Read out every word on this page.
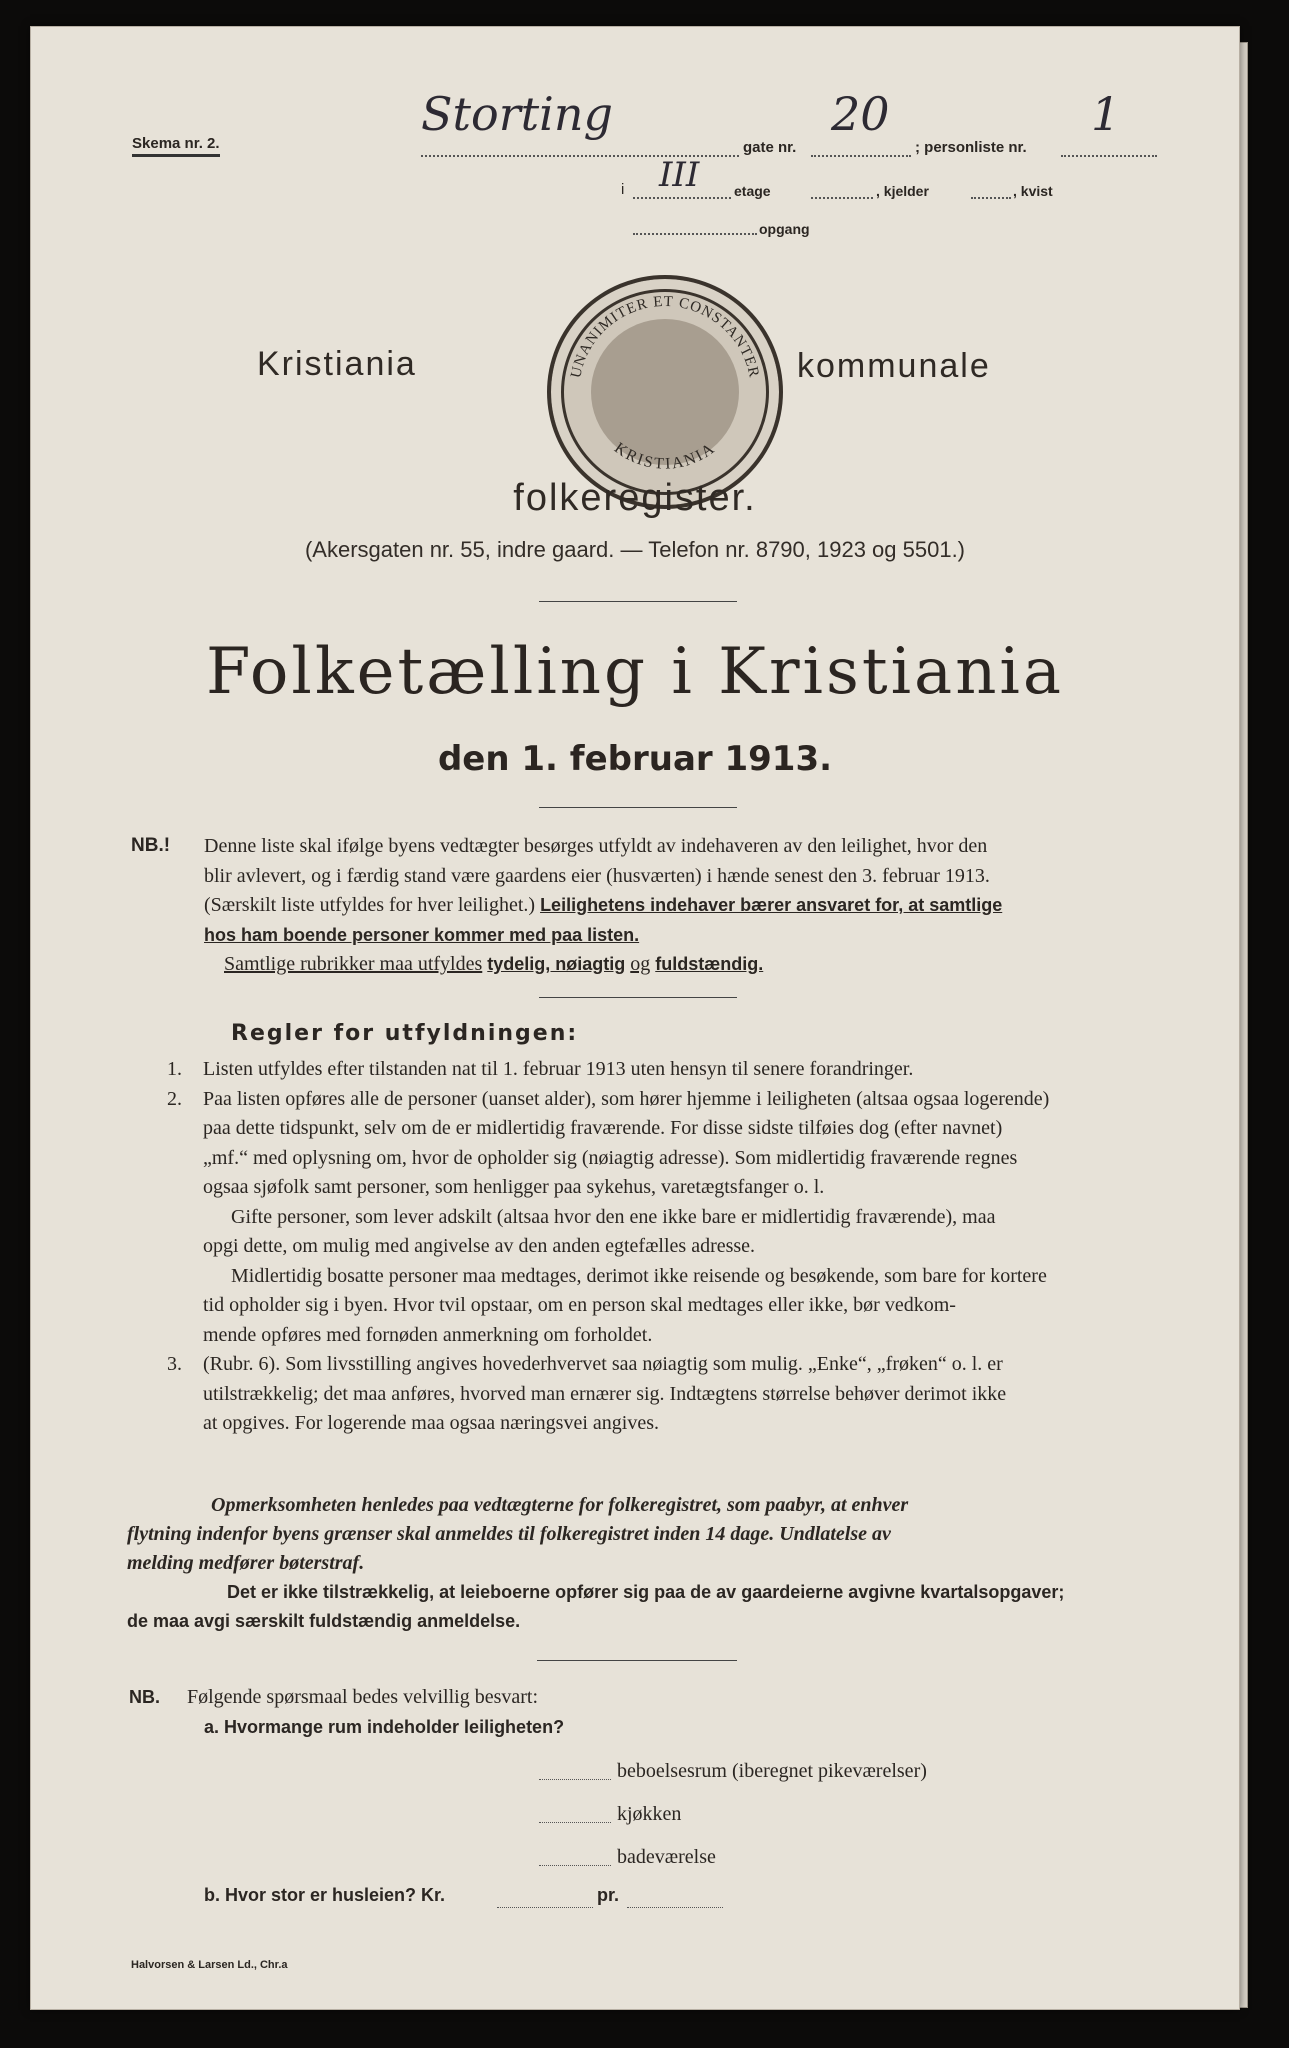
Skema nr. 2.
Storting
gate nr.
20
; personliste nr.
1
i III etage	, kjelder	, kvist
opgang
Kristiania	UNANIMITER ET CONSTANTER
KRISTIANIA
kommunale
folkeregister.
(Akersgaten nr. 55, indre gaard. — Telefon nr. 8790, 1923 og 5501.)
Folketælling i Kristiania
den 1. februar 1913.
NB.! Denne liste skal ifølge byens vedtægter besørges utfyldt av indehaveren av den leilighet, hvor den
blir avlevert, og i færdig stand være gaardens eier (husværten) i hænde senest den 3. februar 1913.
(Særskilt liste utfyldes for hver leilighet.) Leilighetens indehaver bærer ansvaret for, at samtlige
hos ham boende personer kommer med paa listen.
Samtlige rubrikker maa utfyldes tydelig, nøiagtig og fuldstændig.
Regler for utfyldningen:
1. Listen utfyldes efter tilstanden nat til 1. februar 1913 uten hensyn til senere forandringer.
2. Paa listen opføres alle de personer (uanset alder), som hører hjemme i leiligheten (altsaa ogsaa logerende)
paa dette tidspunkt, selv om de er midlertidig fraværende. For disse sidste tilføies dog (efter navnet)
„mf.“ med oplysning om, hvor de opholder sig (nøiagtig adresse). Som midlertidig fraværende regnes
ogsaa sjøfolk samt personer, som henligger paa sykehus, varetægtsfanger o. l.
Gifte personer, som lever adskilt (altsaa hvor den ene ikke bare er midlertidig fraværende), maa
opgi dette, om mulig med angivelse av den anden egtefælles adresse.
Midlertidig bosatte personer maa medtages, derimot ikke reisende og besøkende, som bare for kortere
tid opholder sig i byen. Hvor tvil opstaar, om en person skal medtages eller ikke, bør vedkom-
mende opføres med fornøden anmerkning om forholdet.
3. (Rubr. 6). Som livsstilling angives hovederhvervet saa nøiagtig som mulig. „Enke“, „frøken“ o. l. er
utilstrækkelig; det maa anføres, hvorved man ernærer sig. Indtægtens størrelse behøver derimot ikke
at opgives. For logerende maa ogsaa næringsvei angives.
Opmerksomheten henledes paa vedtægterne for folkeregistret, som paabyr, at enhver
flytning indenfor byens grænser skal anmeldes til folkeregistret inden 14 dage. Undlatelse av
melding medfører bøterstraf.
Det er ikke tilstrækkelig, at leieboerne opfører sig paa de av gaardeierne avgivne kvartalsopgaver;
de maa avgi særskilt fuldstændig anmeldelse.
NB. Følgende spørsmaal bedes velvillig besvart:
a. Hvormange rum indeholder leiligheten?
beboelsesrum (iberegnet pikeværelser)
kjøkken
badeværelse
b. Hvor stor er husleien? Kr.	pr.
Halvorsen & Larsen Ld., Chr.a
